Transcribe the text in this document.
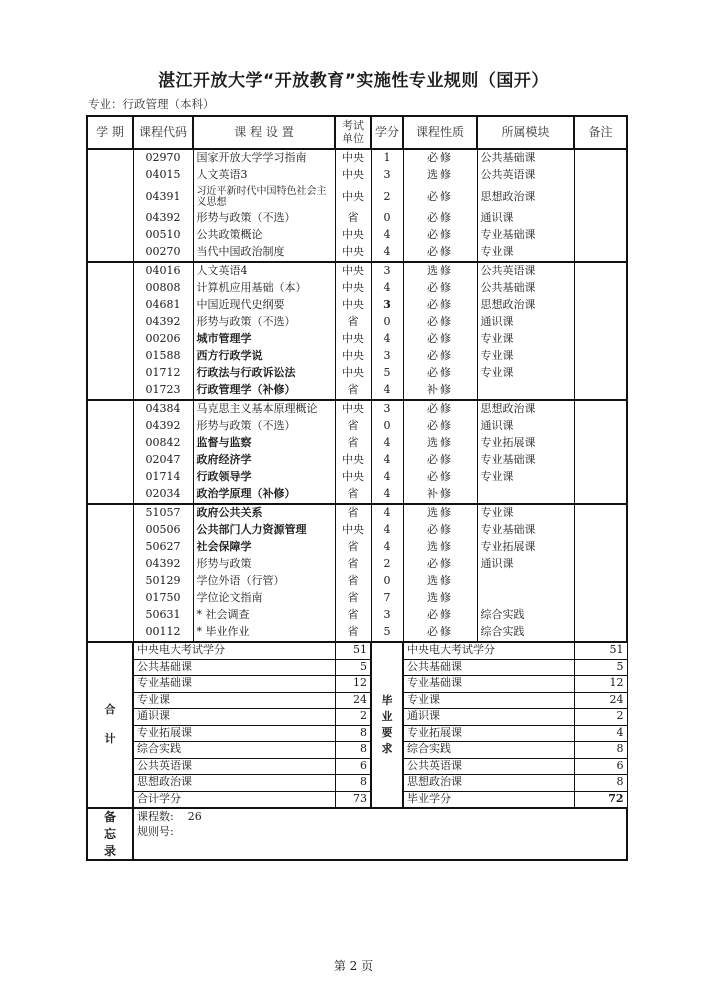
湛江开放大学“开放教育”实施性专业规则（国开）
专业：行政管理（本科）
学 期	课程代码	课 程 设 置	考试单位	学分	课程性质	所属模块	备注
	02970	国家开放大学学习指南	中央	1	必修	公共基础课	
	04015	人文英语3	中央	3	选修	公共英语课	
	04391	习近平新时代中国特色社会主义思想	中央	2	必修	思想政治课	
	04392	形势与政策（不选）	省	0	必修	通识课	
	00510	公共政策概论	中央	4	必修	专业基础课	
	00270	当代中国政治制度	中央	4	必修	专业课	
	04016	人文英语4	中央	3	选修	公共英语课	
	00808	计算机应用基础（本）	中央	4	必修	公共基础课	
	04681	中国近现代史纲要	中央	3	必修	思想政治课	
	04392	形势与政策（不选）	省	0	必修	通识课	
	00206	城市管理学	中央	4	必修	专业课	
	01588	西方行政学说	中央	3	必修	专业课	
	01712	行政法与行政诉讼法	中央	5	必修	专业课	
	01723	行政管理学（补修）	省	4	补修		
	04384	马克思主义基本原理概论	中央	3	必修	思想政治课	
	04392	形势与政策（不选）	省	0	必修	通识课	
	00842	监督与监察	省	4	选修	专业拓展课	
	02047	政府经济学	中央	4	必修	专业基础课	
	01714	行政领导学	中央	4	必修	专业课	
	02034	政治学原理（补修）	省	4	补修		
	51057	政府公共关系	省	4	选修	专业课	
	00506	公共部门人力资源管理	中央	4	必修	专业基础课	
	50627	社会保障学	省	4	选修	专业拓展课	
	04392	形势与政策	省	2	必修	通识课	
	50129	学位外语（行管）	省	0	选修		
	01750	学位论文指南	省	7	选修		
	50631	* 社会调查	省	3	必修	综合实践	
	00112	* 毕业作业	省	5	必修	综合实践	
合 计	中央电大考试学分		51	毕业要求	中央电大考试学分		51
	公共基础课		5		公共基础课		5
	专业基础课		12		专业基础课		12
	专业课		24		专业课		24
	通识课		2		通识课		2
	专业拓展课		8		专业拓展课		4
	综合实践		8		综合实践		8
	公共英语课		6		公共英语课		6
	思想政治课		8		思想政治课		8
	合计学分		73		毕业学分		72
备忘录	课程数: 26
规则号:						
第 2 页
